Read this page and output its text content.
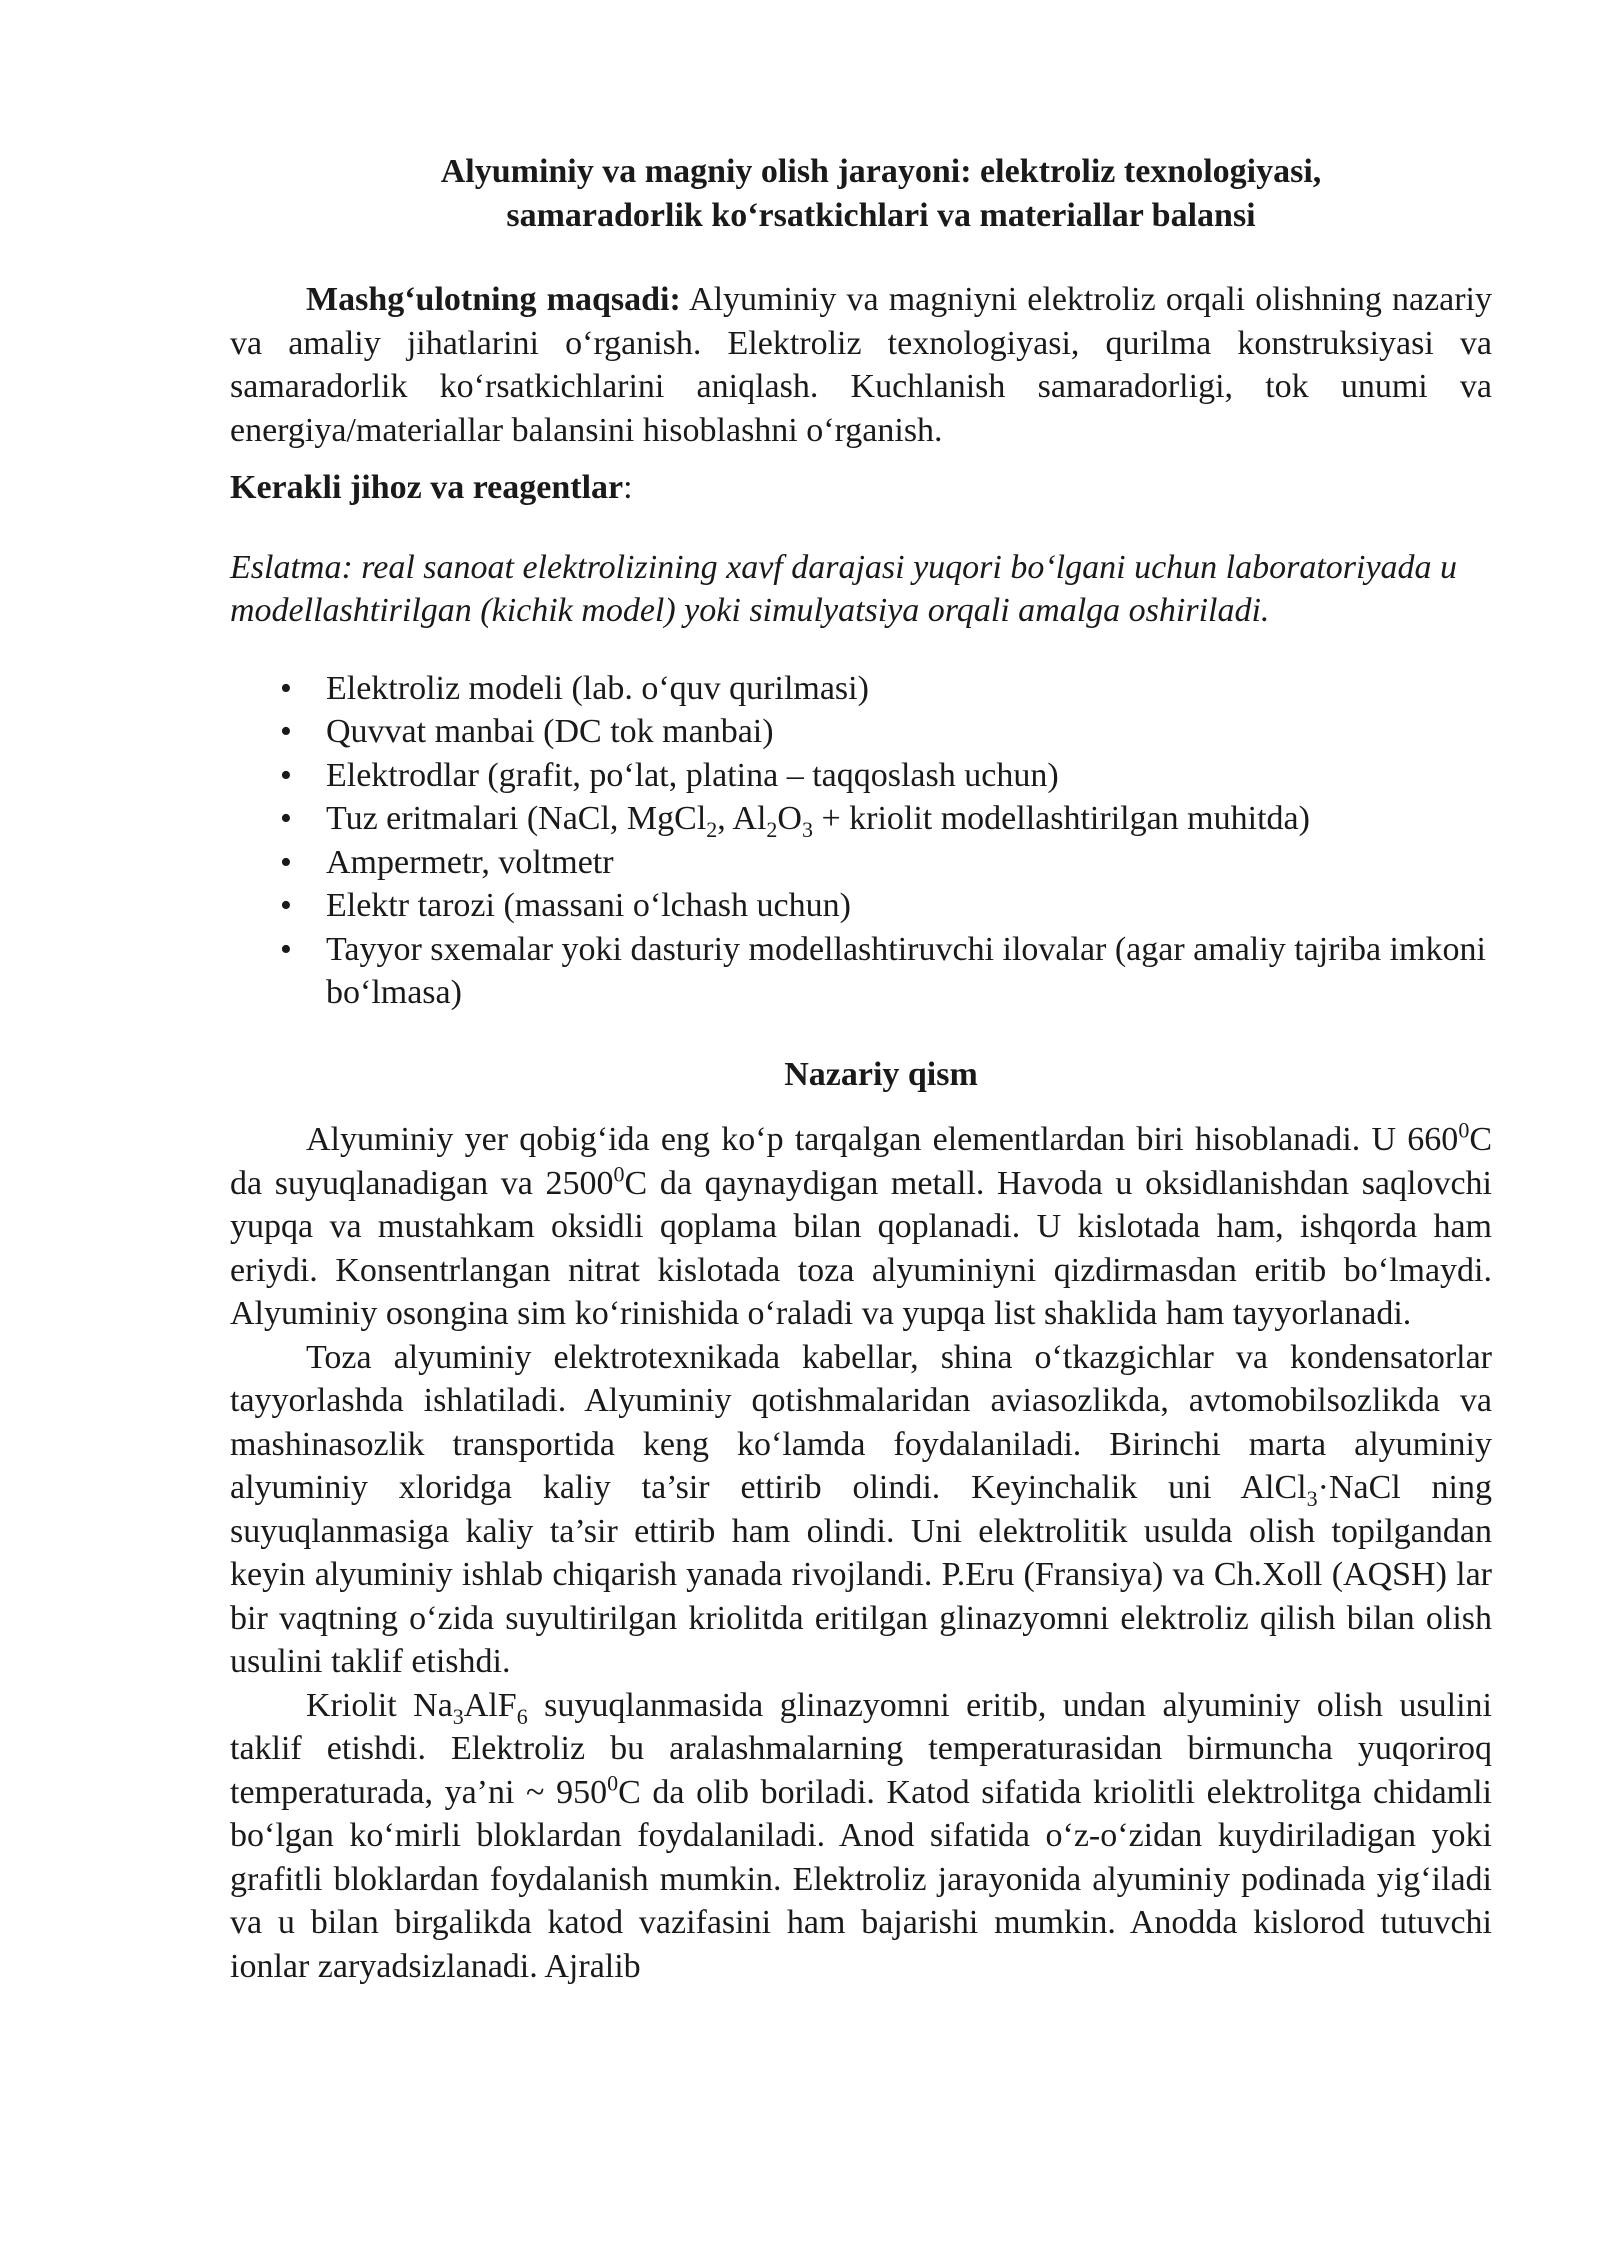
Alyuminiy va magniy olish jarayoni: elektroliz texnologiyasi,
samaradorlik ko‘rsatkichlari va materiallar balansi

Mashg‘ulotning maqsadi: Alyuminiy va magniyni elektroliz orqali olishning nazariy va amaliy jihatlarini o‘rganish. Elektroliz texnologiyasi, qurilma konstruksiyasi va samaradorlik ko‘rsatkichlarini aniqlash. Kuchlanish samaradorligi, tok unumi va energiya/materiallar balansini hisoblashni o‘rganish.

Kerakli jihoz va reagentlar:

Eslatma: real sanoat elektrolizining xavf darajasi yuqori bo‘lgani uchun laboratoriyada u modellashtirilgan (kichik model) yoki simulyatsiya orqali amalga oshiriladi.

• Elektroliz modeli (lab. o‘quv qurilmasi)
• Quvvat manbai (DC tok manbai)
• Elektrodlar (grafit, po‘lat, platina – taqqoslash uchun)
• Tuz eritmalari (NaCl, MgCl$_2$, $Al_2O_3$ + kriolit modellashtirilgan muhitda)
• Ampermetr, voltmetr
• Elektr tarozi (massani o‘lchash uchun)
• Tayyor sxemalar yoki dasturiy modellashtiruvchi ilovalar (agar amaliy tajriba imkoni bo‘lmasa)
Nazariy qism

Alyuminiy yer qobig‘ida eng ko‘p tarqalgan elementlardan biri hisoblanadi. U $660^0C$ da suyuqlanadigan va 2500$^0$C da qaynaydigan metall. Havoda u oksidlanishdan saqlovchi yupqa va mustahkam oksidli qoplama bilan qoplanadi. U kislotada ham, ishqorda ham eriydi. Konsentrlangan nitrat kislotada toza alyuminiyni qizdirmasdan eritib bo‘lmaydi. Alyuminiy osongina sim ko‘rinishida o‘raladi va yupqa list shaklida ham tayyorlanadi.

Toza alyuminiy elektrotexnikada kabellar, shina o‘tkazgichlar va kondensatorlar tayyorlashda ishlatiladi. Alyuminiy qotishmalaridan aviasozlikda, avtomobilsozlikda va mashinasozlik transportida keng ko‘lamda foydalaniladi. Birinchi marta alyuminiy alyuminiy xloridga kaliy ta’sir ettirib olindi. Keyinchalik uni AlCl$_3$·NaCl ning suyuqlanmasiga kaliy ta’sir ettirib ham olindi. Uni elektrolitik usulda olish topilgandan keyin alyuminiy ishlab chiqarish yanada rivojlandi. P.Eru (Fransiya) va Ch.Xoll (AQSH) lar bir vaqtning o‘zida suyultirilgan kriolitda eritilgan glinazyomni elektroliz qilish bilan olish usulini taklif etishdi.

Kriolit $Na_3AlF_6$ suyuqlanmasida glinazyomni eritib, undan alyuminiy olish usulini taklif etishdi. Elektroliz bu aralashmalarning temperaturasidan birmuncha yuqoriroq temperaturada, ya’ni ~ $950^0C$ da olib boriladi. Katod sifatida kriolitli elektrolitga chidamli bo‘lgan ko‘mirli bloklardan foydalaniladi. Anod sifatida o‘z-o‘zidan kuydiriladigan yoki grafitli bloklardan foydalanish mumkin. Elektroliz jarayonida alyuminiy podinada yig‘iladi va u bilan birgalikda katod vazifasini ham bajarishi mumkin. Anodda kislorod tutuvchi ionlar zaryadsizlanadi. Ajralib
